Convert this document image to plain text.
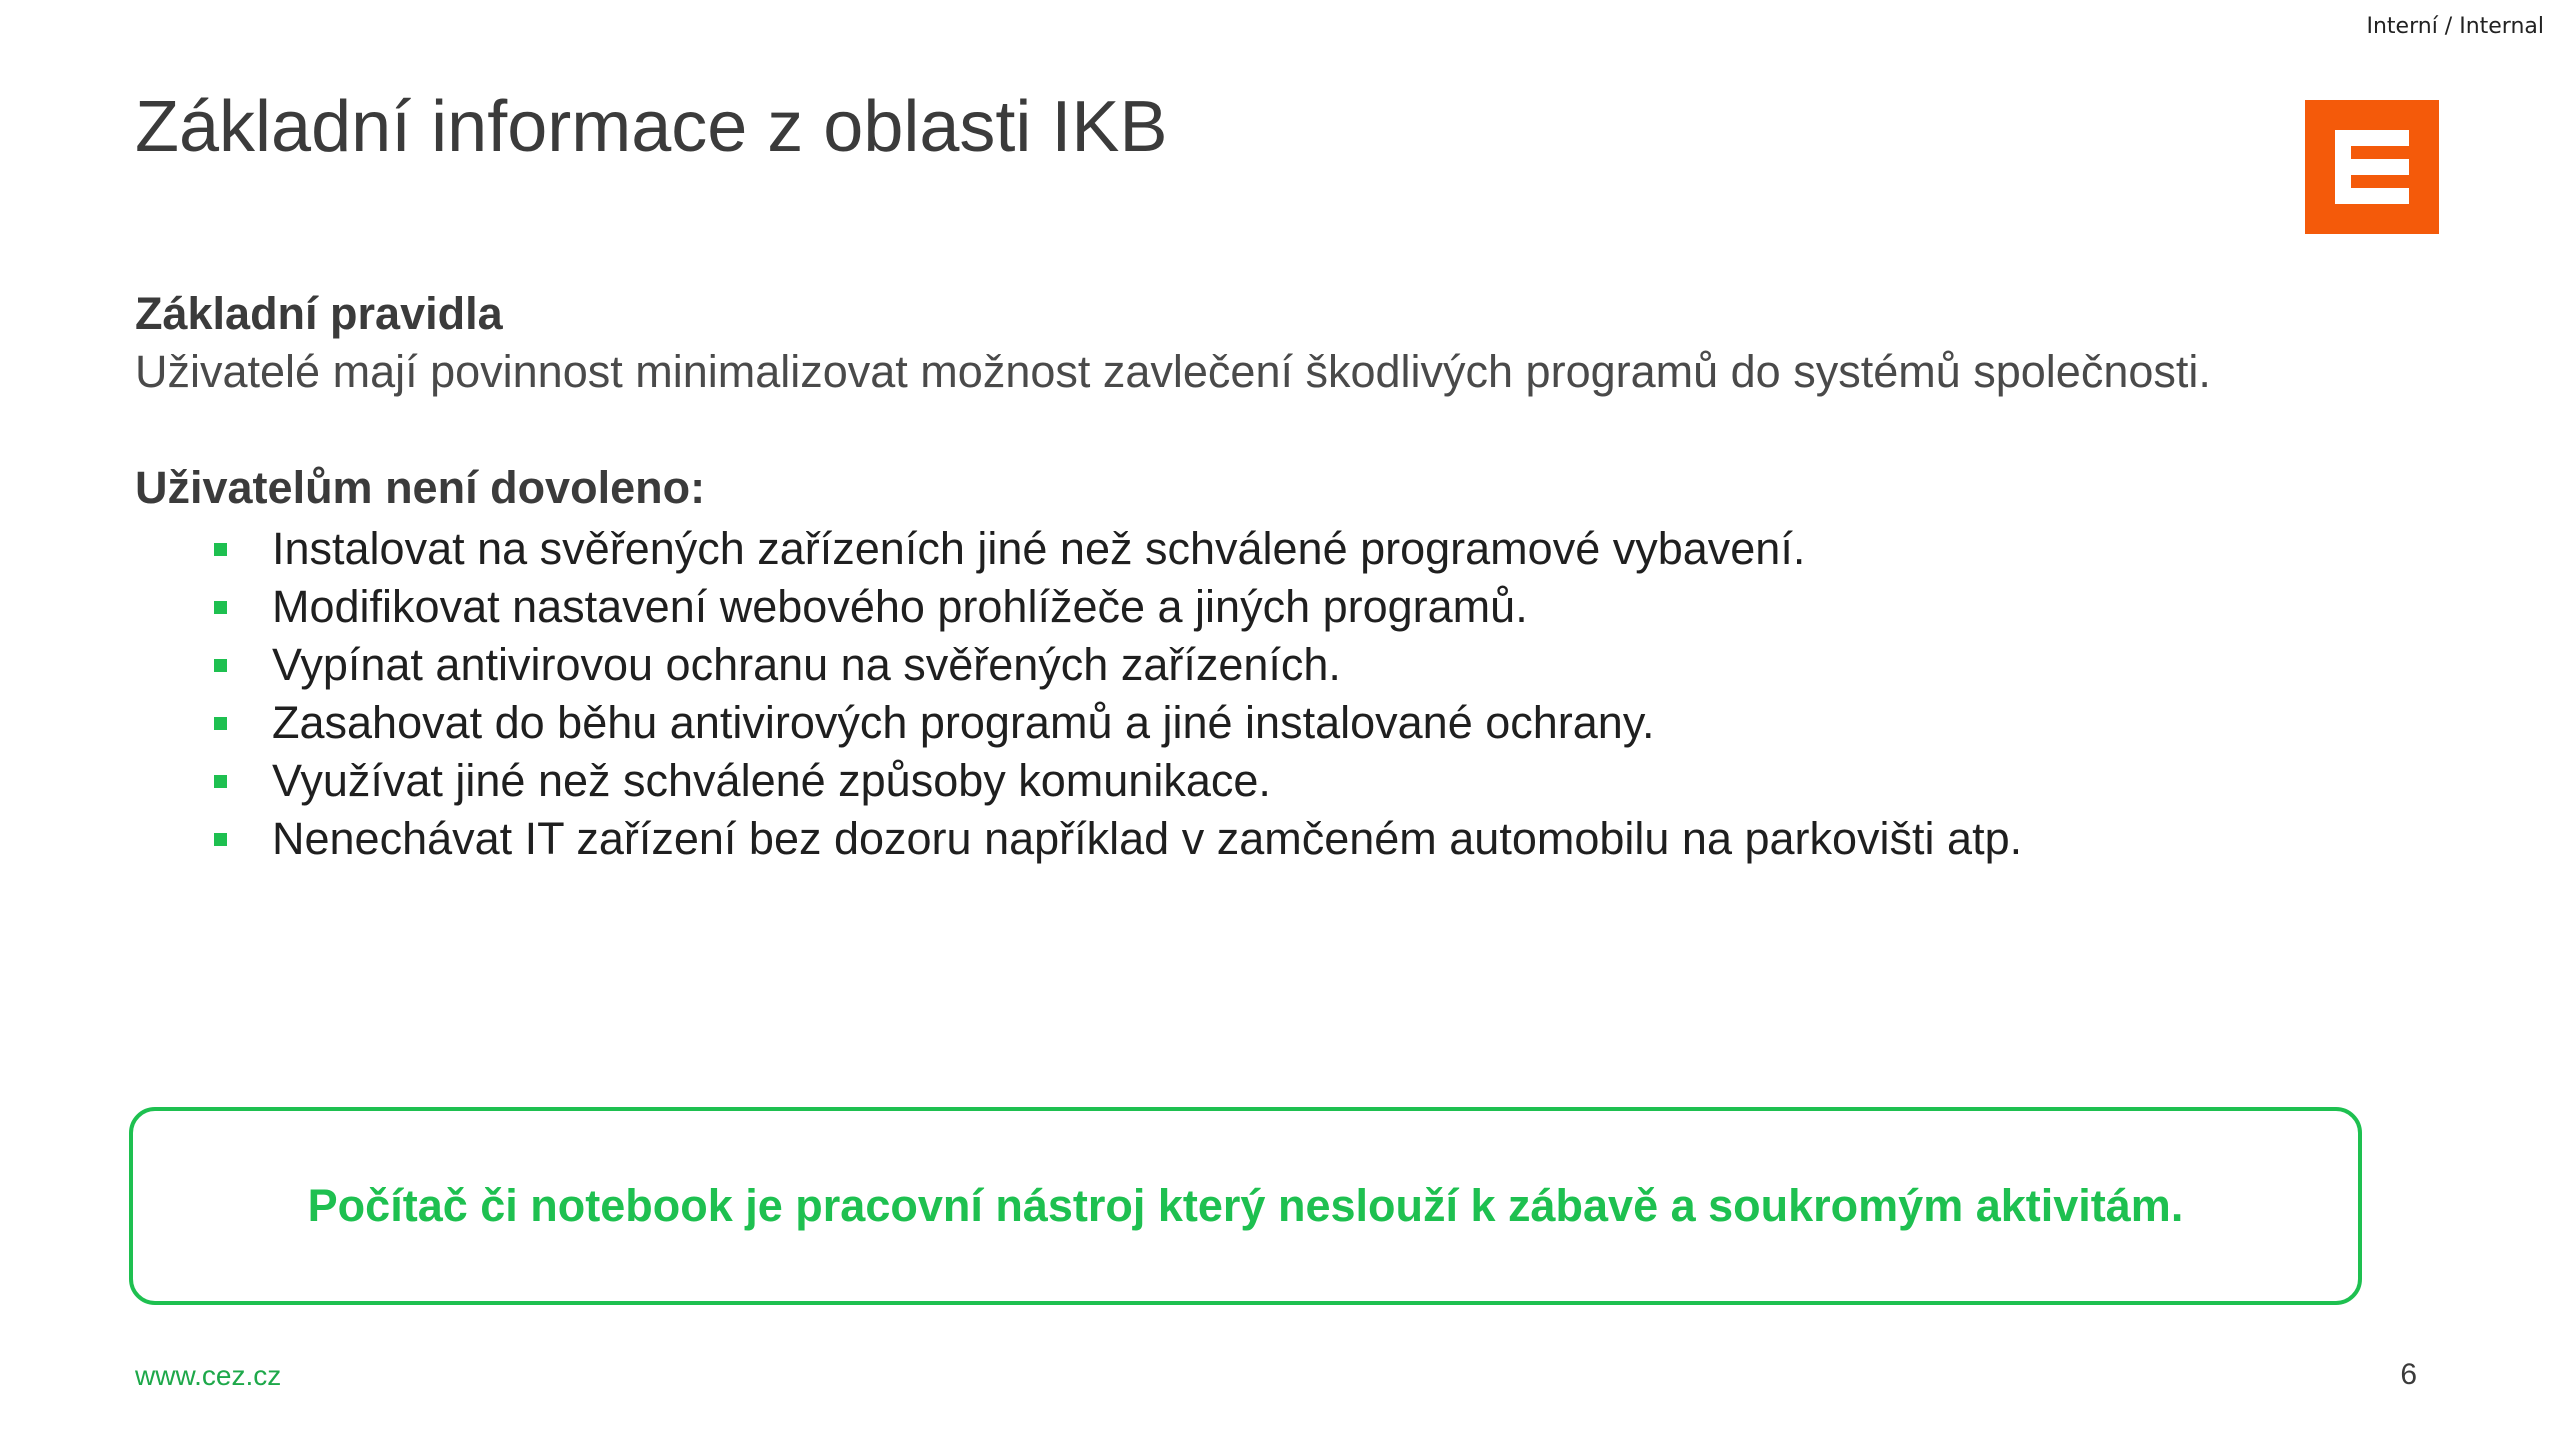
Interní / Internal
Základní informace z oblasti IKB
Základní pravidla

Uživatelé mají povinnost minimalizovat možnost zavlečení škodlivých programů do systémů společnosti.

Uživatelům není dovoleno:
Instalovat na svěřených zařízeních jiné než schválené programové vybavení.
Modifikovat nastavení webového prohlížeče a jiných programů.
Vypínat antivirovou ochranu na svěřených zařízeních.
Zasahovat do běhu antivirových programů a jiné instalované ochrany.
Využívat jiné než schválené způsoby komunikace.
Nenechávat IT zařízení bez dozoru například v zamčeném automobilu na parkovišti atp.
Počítač či notebook je pracovní nástroj který neslouží k zábavě a soukromým aktivitám.
www.cez.cz	6
